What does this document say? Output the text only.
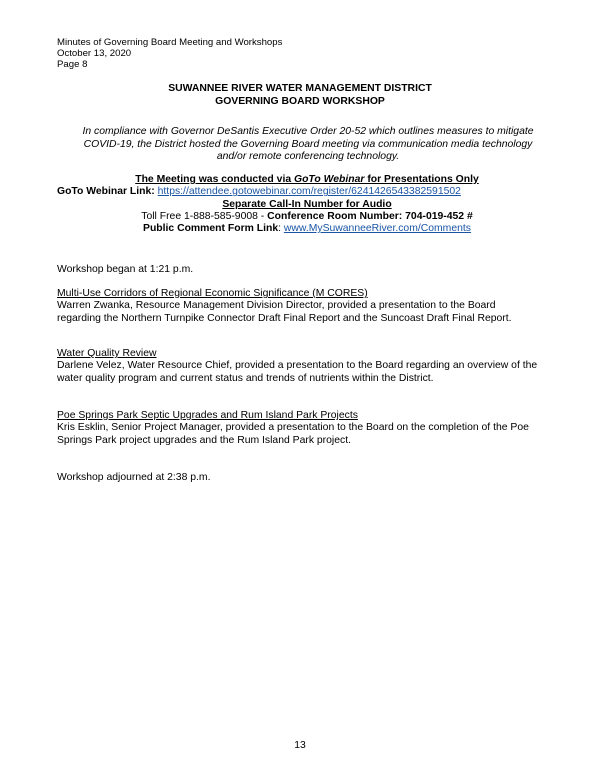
Minutes of Governing Board Meeting and Workshops
October 13, 2020
Page 8
SUWANNEE RIVER WATER MANAGEMENT DISTRICT
GOVERNING BOARD WORKSHOP
In compliance with Governor DeSantis Executive Order 20-52 which outlines measures to mitigate
COVID-19, the District hosted the Governing Board meeting via communication media technology
and/or remote conferencing technology.
The Meeting was conducted via GoTo Webinar for Presentations Only
GoTo Webinar Link: https://attendee.gotowebinar.com/register/6241426543382591502
Separate Call-In Number for Audio
Toll Free 1-888-585-9008 - Conference Room Number: 704-019-452 #
Public Comment Form Link: www.MySuwanneeRiver.com/Comments
Workshop began at 1:21 p.m.
Multi-Use Corridors of Regional Economic Significance (M CORES)
Warren Zwanka, Resource Management Division Director, provided a presentation to the Board
regarding the Northern Turnpike Connector Draft Final Report and the Suncoast Draft Final Report.
Water Quality Review
Darlene Velez, Water Resource Chief, provided a presentation to the Board regarding an overview of the
water quality program and current status and trends of nutrients within the District.
Poe Springs Park Septic Upgrades and Rum Island Park Projects
Kris Esklin, Senior Project Manager, provided a presentation to the Board on the completion of the Poe
Springs Park project upgrades and the Rum Island Park project.
Workshop adjourned at 2:38 p.m.
13
